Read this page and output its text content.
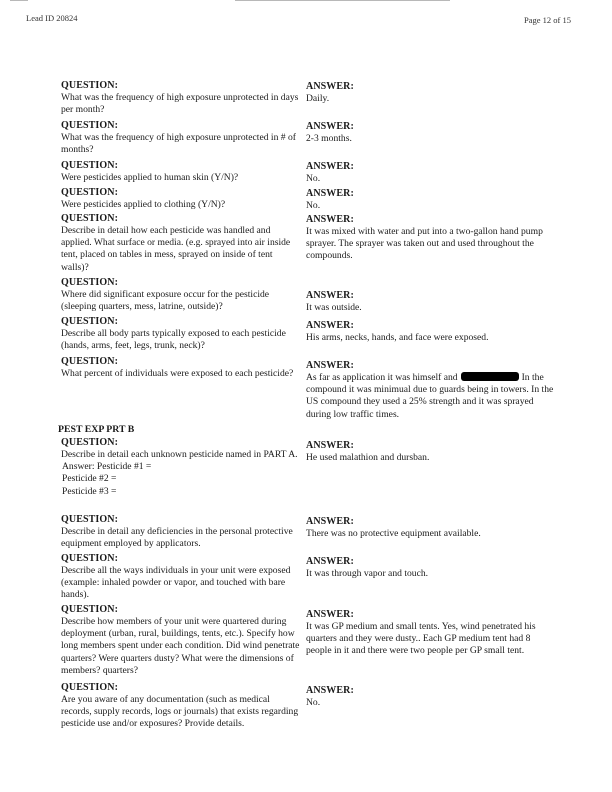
Lead ID 20824	Page 12 of 15
QUESTION:
What was the frequency of high exposure unprotected in days per month?
ANSWER:
Daily.
QUESTION:
What was the frequency of high exposure unprotected in # of months?
ANSWER:
2-3 months.
QUESTION:
Were pesticides applied to human skin (Y/N)?
ANSWER:
No.
QUESTION:
Were pesticides applied to clothing (Y/N)?
ANSWER:
No.
QUESTION:
Describe in detail how each pesticide was handled and applied. What surface or media. (e.g. sprayed into air inside tent, placed on tables in mess, sprayed on inside of tent walls)?
ANSWER:
It was mixed with water and put into a two-gallon hand pump sprayer. The sprayer was taken out and used throughout the compounds.
QUESTION:
Where did significant exposure occur for the pesticide (sleeping quarters, mess, latrine, outside)?
ANSWER:
It was outside.
QUESTION:
Describe all body parts typically exposed to each pesticide (hands, arms, feet, legs, trunk, neck)?
ANSWER:
His arms, necks, hands, and face were exposed.
QUESTION:
What percent of individuals were exposed to each pesticide?
ANSWER:
As far as application it was himself and	In the compound it was minimual due to guards being in towers. In the US compound they used a 25% strength and it was sprayed during low traffic times.
PEST EXP PRT B
QUESTION:
Describe in detail each unknown pesticide named in PART A.
Answer: Pesticide #1 =
Pesticide #2 =
Pesticide #3 =
ANSWER:
He used malathion and dursban.
QUESTION:
Describe in detail any deficiencies in the personal protective equipment employed by applicators.
ANSWER:
There was no protective equipment available.
QUESTION:
Describe all the ways individuals in your unit were exposed (example: inhaled powder or vapor, and touched with bare hands).
ANSWER:
It was through vapor and touch.
QUESTION:
Describe how members of your unit were quartered during deployment (urban, rural, buildings, tents, etc.). Specify how long members spent under each condition. Did wind penetrate quarters? Were quarters dusty? What were the dimensions of members? quarters?
ANSWER:
It was GP medium and small tents. Yes, wind penetrated his quarters and they were dusty.. Each GP medium tent had 8 people in it and there were two people per GP small tent.
QUESTION:
Are you aware of any documentation (such as medical records, supply records, logs or journals) that exists regarding pesticide use and/or exposures? Provide details.
ANSWER:
No.
